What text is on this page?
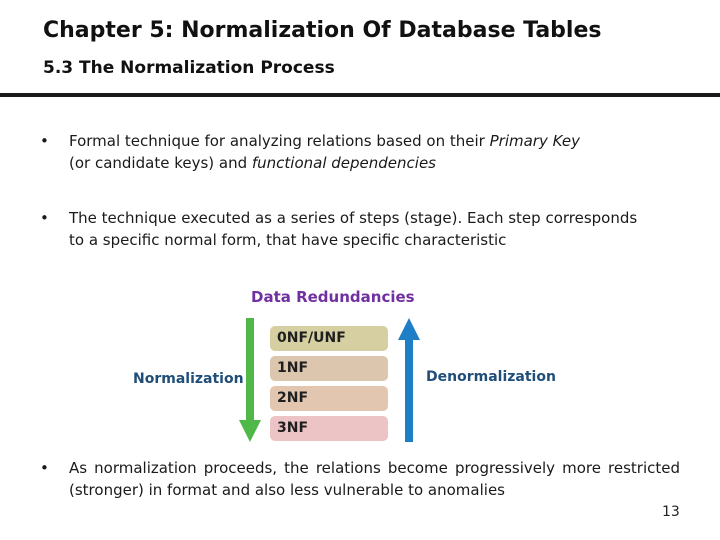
Chapter 5: Normalization Of Database Tables
5.3 The Normalization Process
• Formal technique for analyzing relations based on their Primary Key
(or candidate keys) and functional dependencies
• The technique executed as a series of steps (stage). Each step corresponds
to a specific normal form, that have specific characteristic
Data Redundancies
Normalization
0NF/UNF
1NF
2NF
3NF
Denormalization
• As normalization proceeds, the relations become progressively more restricted (stronger) in format and also less vulnerable to anomalies
13
